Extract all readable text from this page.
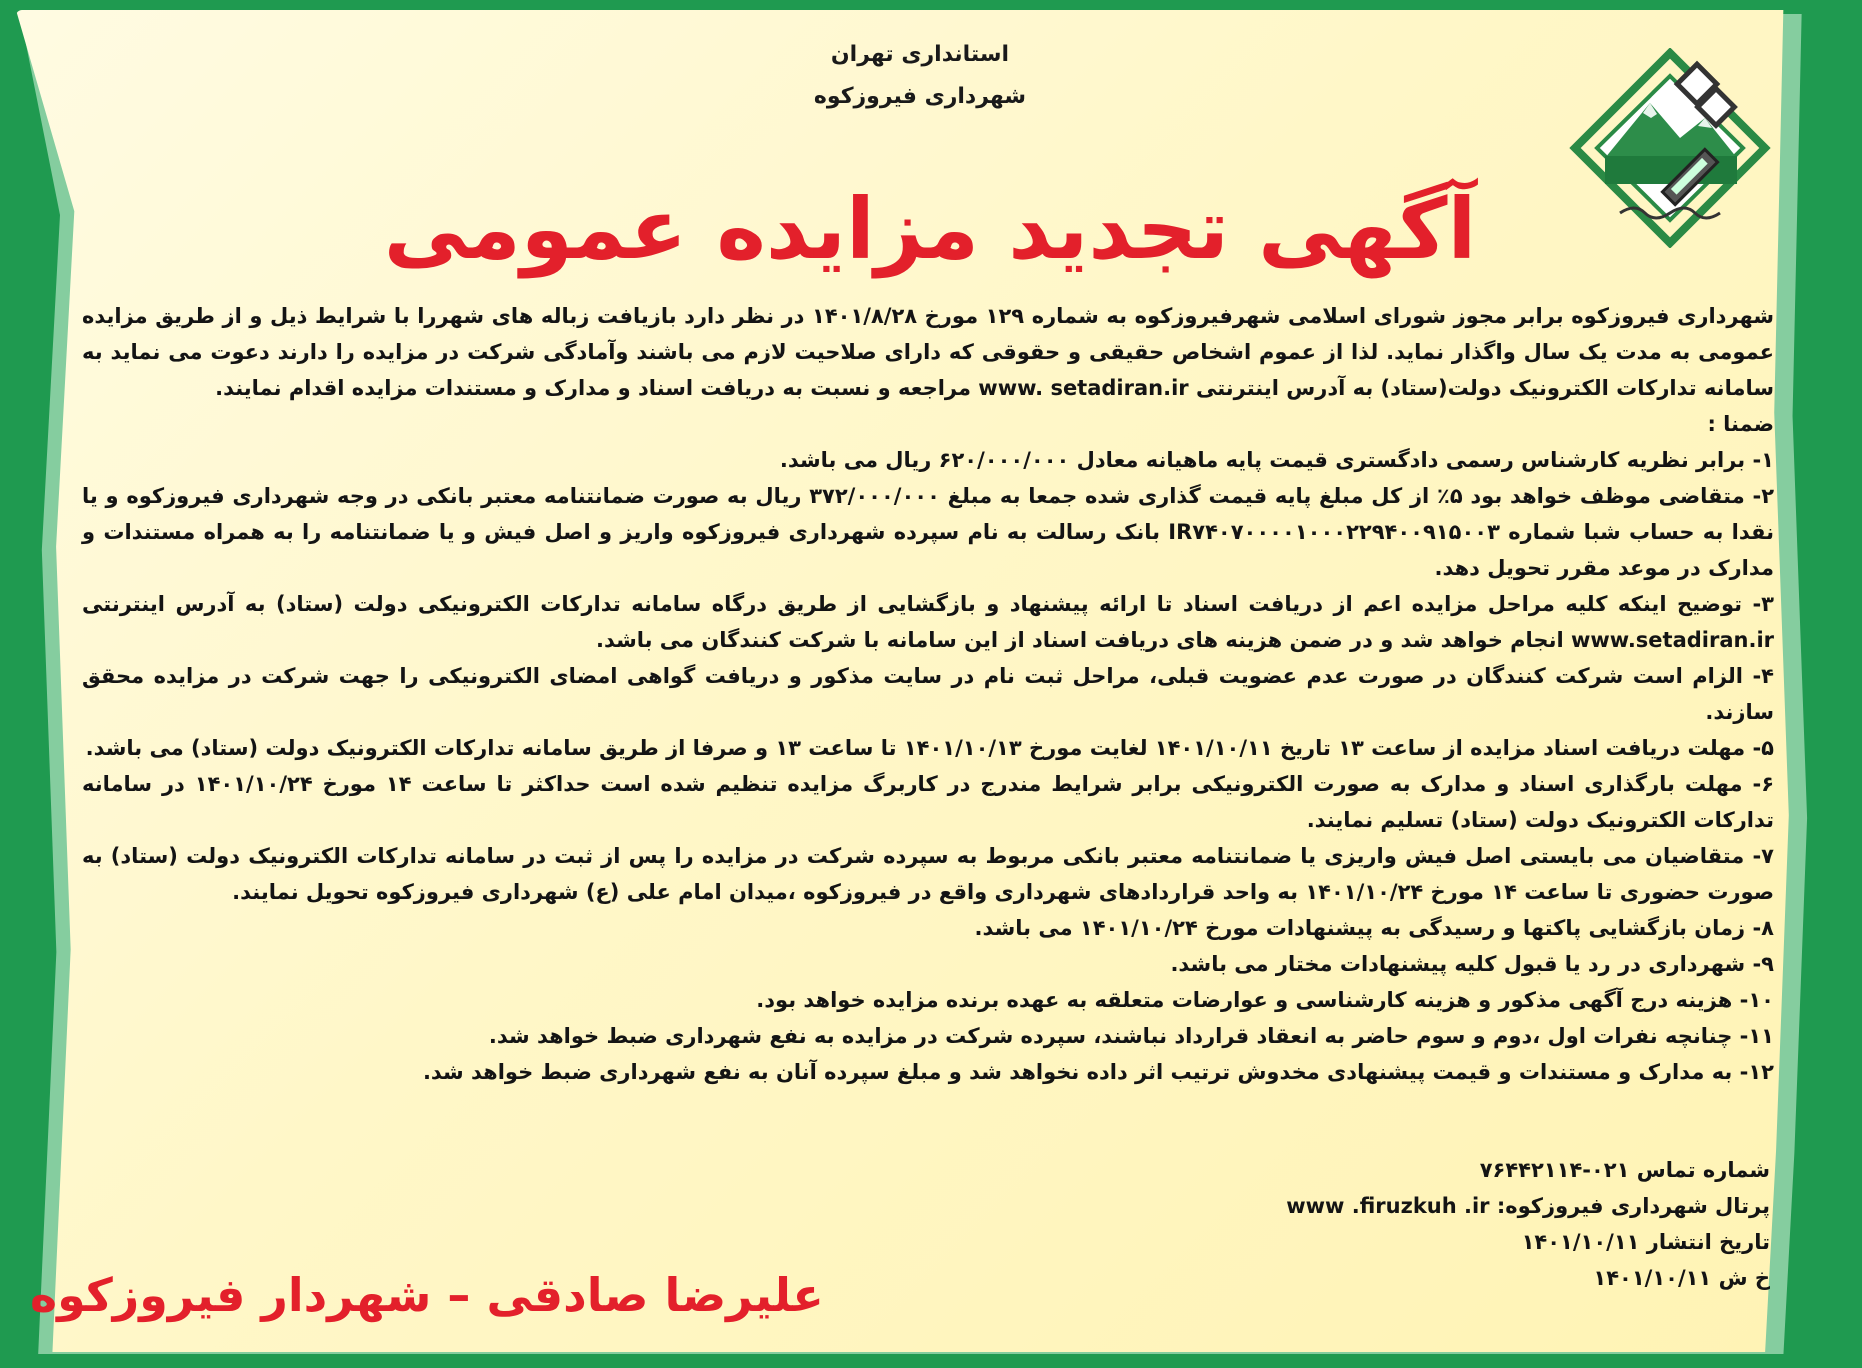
استانداری تهران
شهرداری فیروزکوه
آگهی تجدید مزایده عمومی

شهرداری فیروزکوه برابر مجوز شورای اسلامی شهرفیروزکوه به شماره ۱۲۹ مورخ ۱۴۰۱/۸/۲۸ در نظر دارد بازیافت زباله های شهررا با شرایط ذیل و از طریق مزایده عمومی به مدت یک سال واگذار نماید. لذا از عموم اشخاص حقیقی و حقوقی که دارای صلاحیت لازم می باشند وآمادگی شرکت در مزایده را دارند دعوت می نماید به سامانه تدارکات الکترونیک دولت(ستاد) به آدرس اینترنتی www. setadiran.ir مراجعه و نسبت به دریافت اسناد و مدارک و مستندات مزایده اقدام نمایند.

ضمنا :

۱- برابر نظریه کارشناس رسمی دادگستری قیمت پایه ماهیانه معادل ۶۲۰/۰۰۰/۰۰۰ ریال می باشد.

۲- متقاضی موظف خواهد بود ۵٪ از کل مبلغ پایه قیمت گذاری شده جمعا به مبلغ ۳۷۲/۰۰۰/۰۰۰ ریال به صورت ضمانتنامه معتبر بانکی در وجه شهرداری فیروزکوه و یا نقدا به حساب شبا شماره IR۷۴۰۷۰۰۰۰۱۰۰۰۲۲۹۴۰۰۹۱۵۰۰۳ بانک رسالت به نام سپرده شهرداری فیروزکوه واریز و اصل فیش و یا ضمانتنامه را به همراه مستندات و مدارک در موعد مقرر تحویل دهد.

۳- توضیح اینکه کلیه مراحل مزایده اعم از دریافت اسناد تا ارائه پیشنهاد و بازگشایی از طریق درگاه سامانه تدارکات الکترونیکی دولت (ستاد) به آدرس اینترنتی www.setadiran.ir انجام خواهد شد و در ضمن هزینه های دریافت اسناد از این سامانه با شرکت کنندگان می باشد.

۴- الزام است شرکت کنندگان در صورت عدم عضویت قبلی، مراحل ثبت نام در سایت مذکور و دریافت گواهی امضای الکترونیکی را جهت شرکت در مزایده محقق سازند.

۵- مهلت دریافت اسناد مزایده از ساعت ۱۳ تاریخ ۱۴۰۱/۱۰/۱۱ لغایت مورخ ۱۴۰۱/۱۰/۱۳ تا ساعت ۱۳ و صرفا از طریق سامانه تدارکات الکترونیک دولت (ستاد) می باشد.

۶- مهلت بارگذاری اسناد و مدارک به صورت الکترونیکی برابر شرایط مندرج در کاربرگ مزایده تنظیم شده است حداکثر تا ساعت ۱۴ مورخ ۱۴۰۱/۱۰/۲۴ در سامانه تدارکات الکترونیک دولت (ستاد) تسلیم نمایند.

۷- متقاضیان می بایستی اصل فیش واریزی یا ضمانتنامه معتبر بانکی مربوط به سپرده شرکت در مزایده را پس از ثبت در سامانه تدارکات الکترونیک دولت (ستاد) به صورت حضوری تا ساعت ۱۴ مورخ ۱۴۰۱/۱۰/۲۴ به واحد قراردادهای شهرداری واقع در فیروزکوه ،میدان امام علی (ع) شهرداری فیروزکوه تحویل نمایند.

۸- زمان بازگشایی پاکتها و رسیدگی به پیشنهادات مورخ ۱۴۰۱/۱۰/۲۴ می باشد.

۹- شهرداری در رد یا قبول کلیه پیشنهادات مختار می باشد.

۱۰- هزینه درج آگهی مذکور و هزینه کارشناسی و عوارضات متعلقه به عهده برنده مزایده خواهد بود.

۱۱- چنانچه نفرات اول ،دوم و سوم حاضر به انعقاد قرارداد نباشند، سپرده شرکت در مزایده به نفع شهرداری ضبط خواهد شد.

۱۲- به مدارک و مستندات و قیمت پیشنهادی مخدوش ترتیب اثر داده نخواهد شد و مبلغ سپرده آنان به نفع شهرداری ضبط خواهد شد.

شماره تماس ۰۲۱-۷۶۴۴۲۱۱۴
پرتال شهرداری فیروزکوه: www .firuzkuh .ir
تاریخ انتشار ۱۴۰۱/۱۰/۱۱
خ ش ۱۴۰۱/۱۰/۱۱
علیرضا صادقی – شهردار فیروزکوه
